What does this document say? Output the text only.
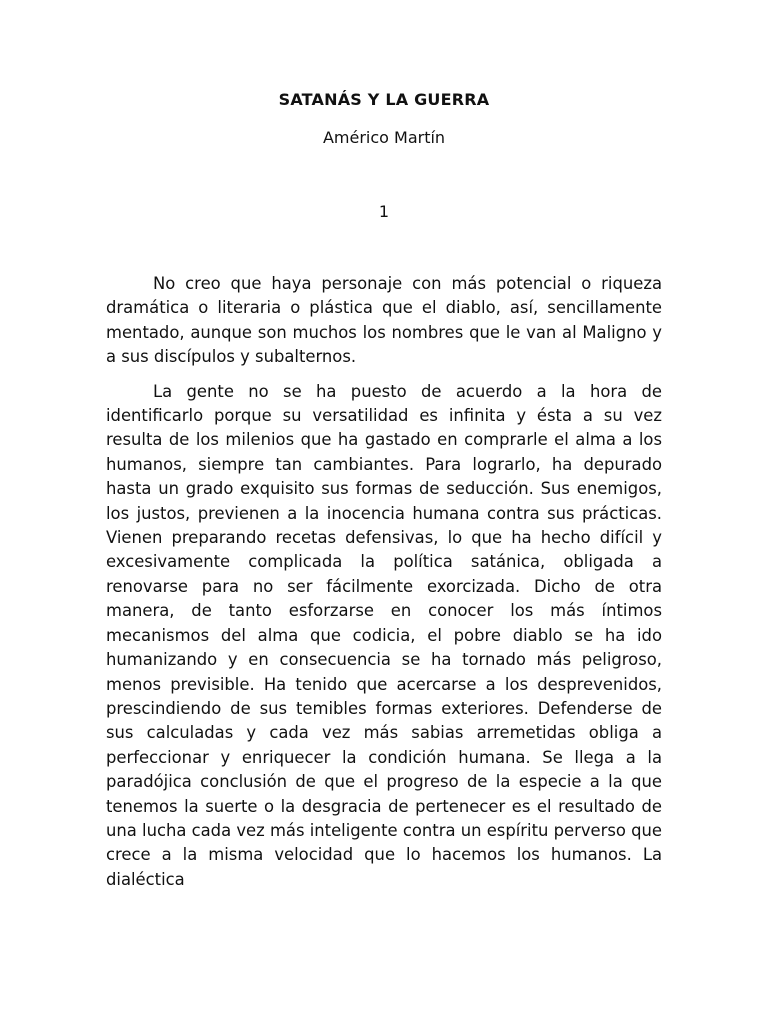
SATANÁS Y LA GUERRA
Américo Martín
1

No creo que haya personaje con más potencial o riqueza dramática o literaria o plástica que el diablo, así, sencillamente mentado, aunque son muchos los nombres que le van al Maligno y a sus discípulos y subalternos.

La gente no se ha puesto de acuerdo a la hora de identificarlo porque su versatilidad es infinita y ésta a su vez resulta de los milenios que ha gastado en comprarle el alma a los humanos, siempre tan cambiantes. Para lograrlo, ha depurado hasta un grado exquisito sus formas de seducción. Sus enemigos, los justos, previenen a la inocencia humana contra sus prácticas. Vienen preparando recetas defensivas, lo que ha hecho difícil y excesivamente complicada la política satánica, obligada a renovarse para no ser fácilmente exorcizada. Dicho de otra manera, de tanto esforzarse en conocer los más íntimos mecanismos del alma que codicia, el pobre diablo se ha ido humanizando y en consecuencia se ha tornado más peligroso, menos previsible. Ha tenido que acercarse a los desprevenidos, prescindiendo de sus temibles formas exteriores. Defenderse de sus calculadas y cada vez más sabias arremetidas obliga a perfeccionar y enriquecer la condición humana. Se llega a la paradójica conclusión de que el progreso de la especie a la que tenemos la suerte o la desgracia de pertenecer es el resultado de una lucha cada vez más inteligente contra un espíritu perverso que crece a la misma velocidad que lo hacemos los humanos. La dialéctica
